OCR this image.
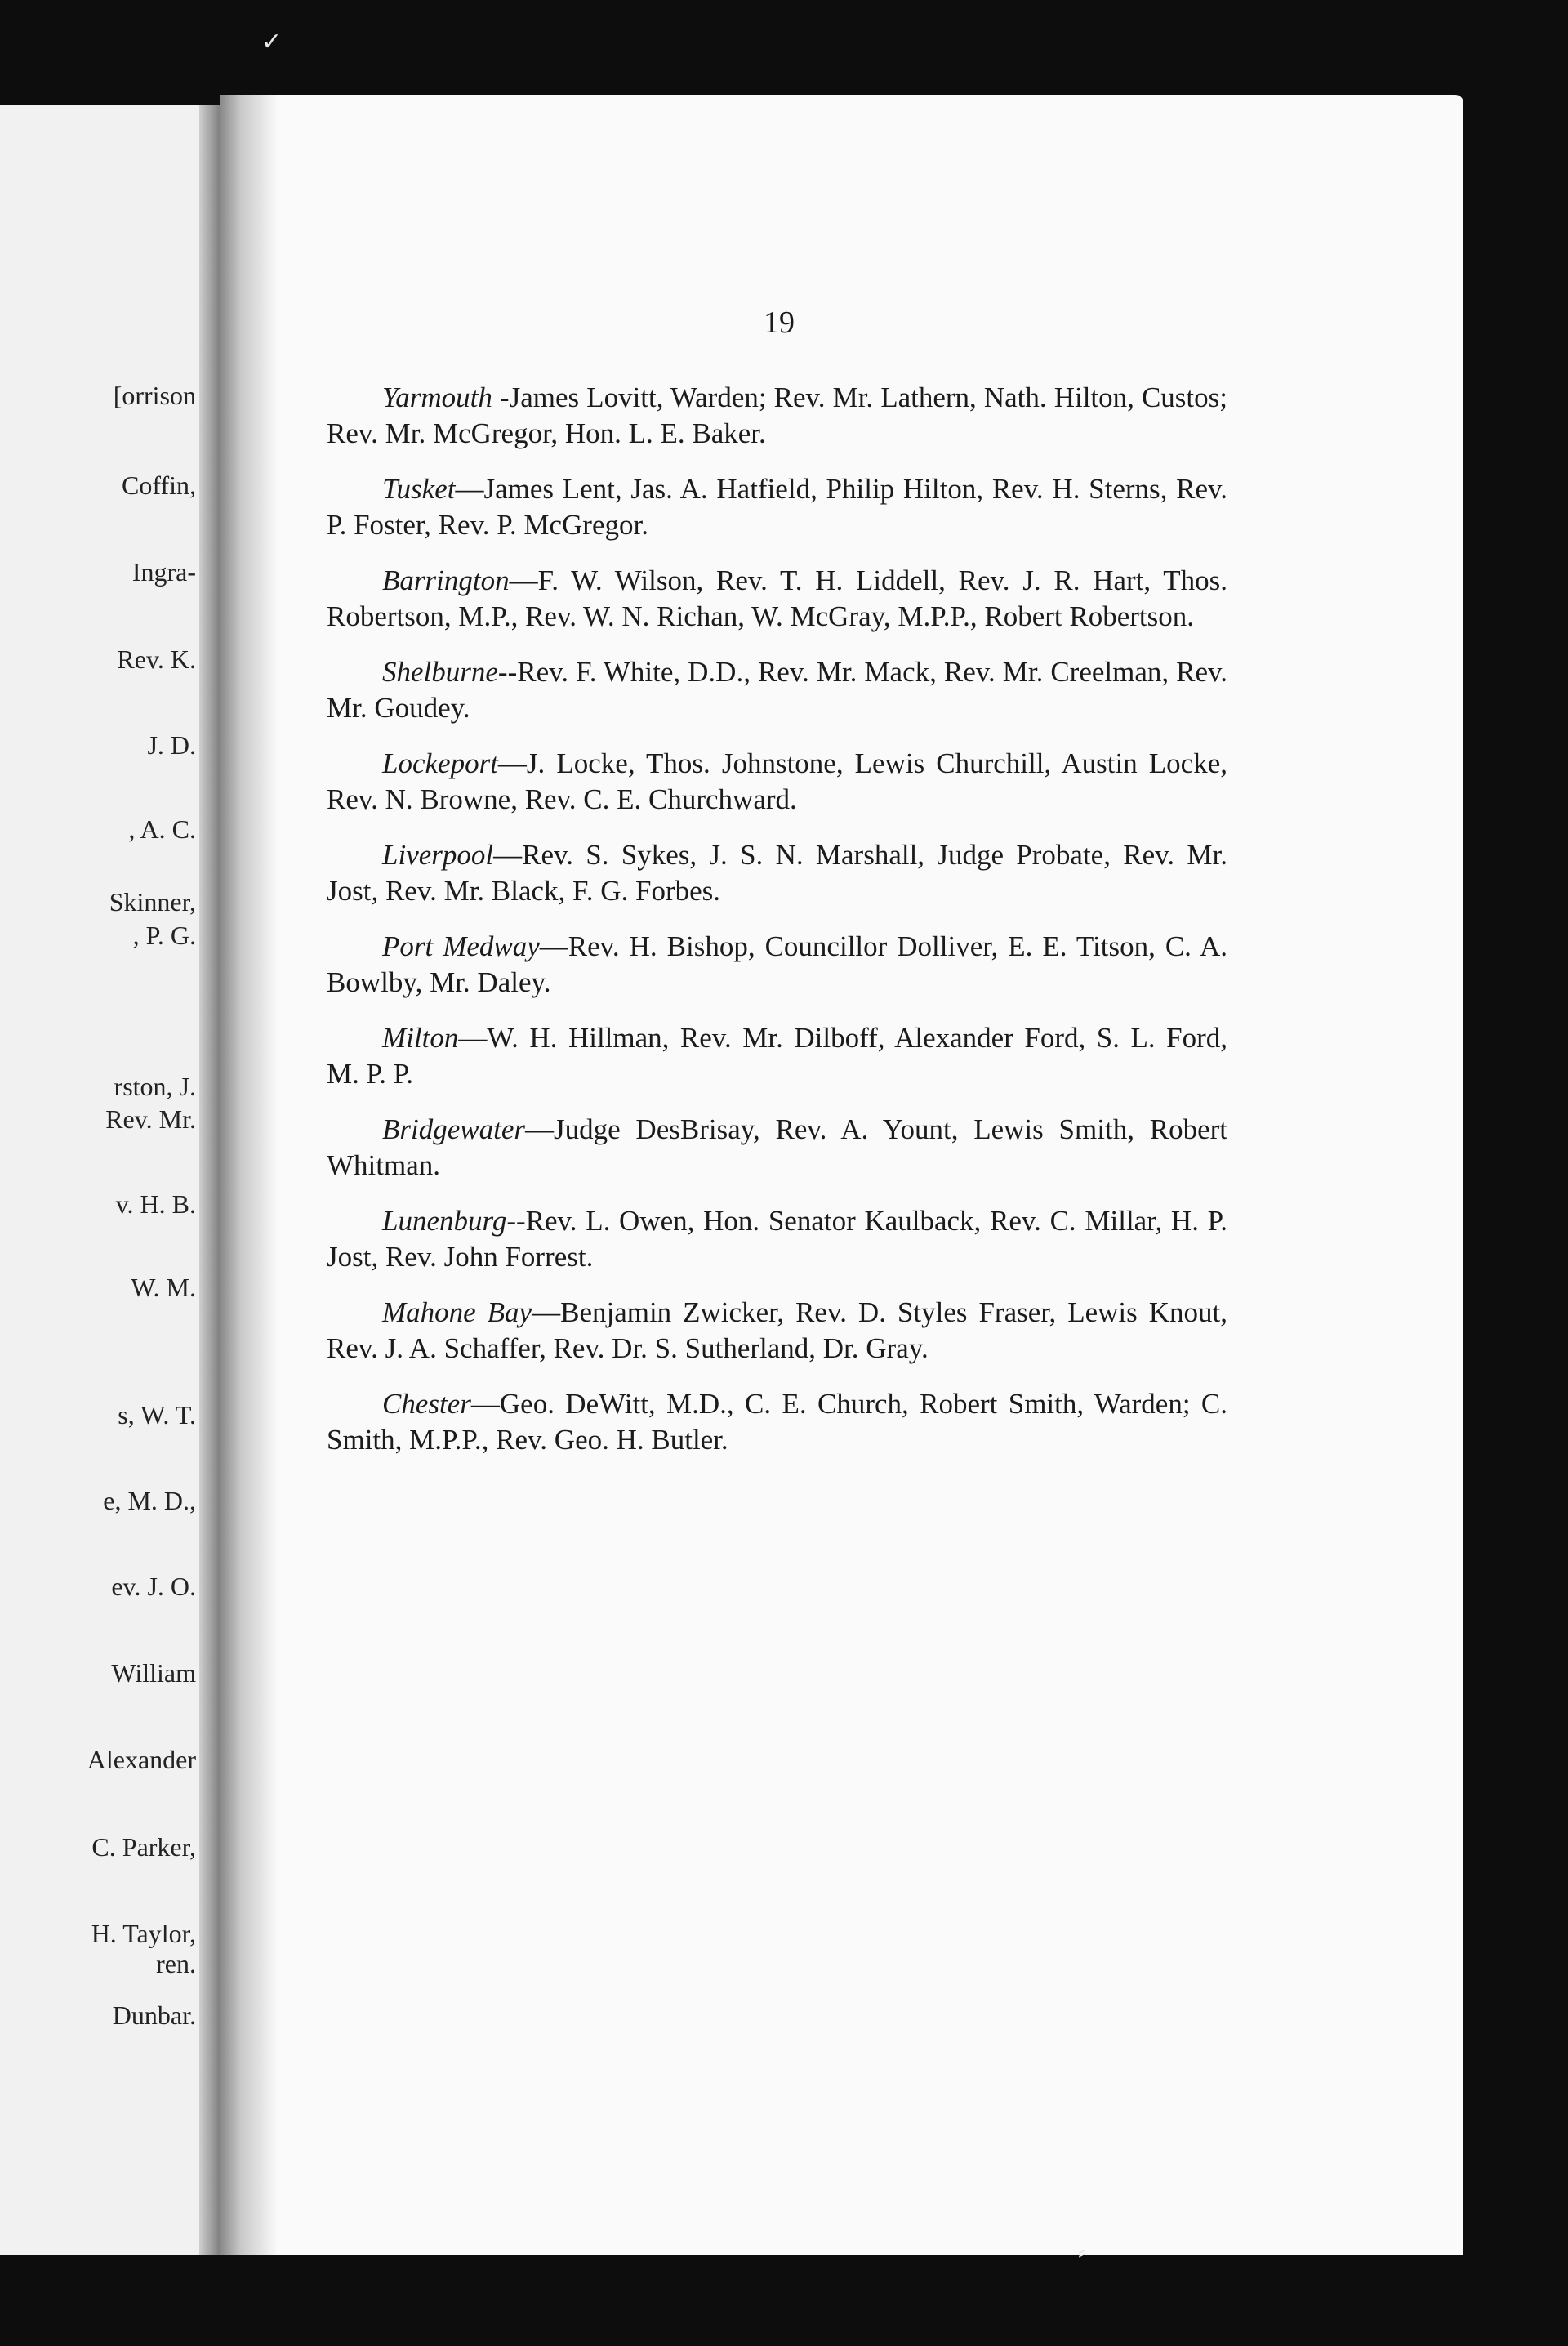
[orrison
Coffin,
Ingra-
Rev. K.
J. D.
, A. C.
Skinner,
, P. G.
rston, J.
Rev. Mr.
v. H. B.
W. M.
s, W. T.
e, M. D.,
ev. J. O.
William
Alexander
C. Parker,
H. Taylor,
ren.
Dunbar.
19

Yarmouth -James Lovitt, Warden; Rev. Mr. Lathern, Nath. Hilton, Custos; Rev. Mr. McGregor, Hon. L. E. Baker.

Tusket—James Lent, Jas. A. Hatfield, Philip Hilton, Rev. H. Sterns, Rev. P. Foster, Rev. P. McGregor.

Barrington—F. W. Wilson, Rev. T. H. Liddell, Rev. J. R. Hart, Thos. Robertson, M.P., Rev. W. N. Richan, W. McGray, M.P.P., Robert Robertson.

Shelburne--Rev. F. White, D.D., Rev. Mr. Mack, Rev. Mr. Creelman, Rev. Mr. Goudey.

Lockeport—J. Locke, Thos. Johnstone, Lewis Churchill, Austin Locke, Rev. N. Browne, Rev. C. E. Churchward.

Liverpool—Rev. S. Sykes, J. S. N. Marshall, Judge Probate, Rev. Mr. Jost, Rev. Mr. Black, F. G. Forbes.

Port Medway—Rev. H. Bishop, Councillor Dolliver, E. E. Titson, C. A. Bowlby, Mr. Daley.

Milton—W. H. Hillman, Rev. Mr. Dilboff, Alexander Ford, S. L. Ford, M. P. P.

Bridgewater—Judge DesBrisay, Rev. A. Yount, Lewis Smith, Robert Whitman.

Lunenburg--Rev. L. Owen, Hon. Senator Kaulback, Rev. C. Millar, H. P. Jost, Rev. John Forrest.

Mahone Bay—Benjamin Zwicker, Rev. D. Styles Fraser, Lewis Knout, Rev. J. A. Schaffer, Rev. Dr. S. Sutherland, Dr. Gray.

Chester—Geo. DeWitt, M.D., C. E. Church, Robert Smith, Warden; C. Smith, M.P.P., Rev. Geo. H. Butler.

✓
⸗
